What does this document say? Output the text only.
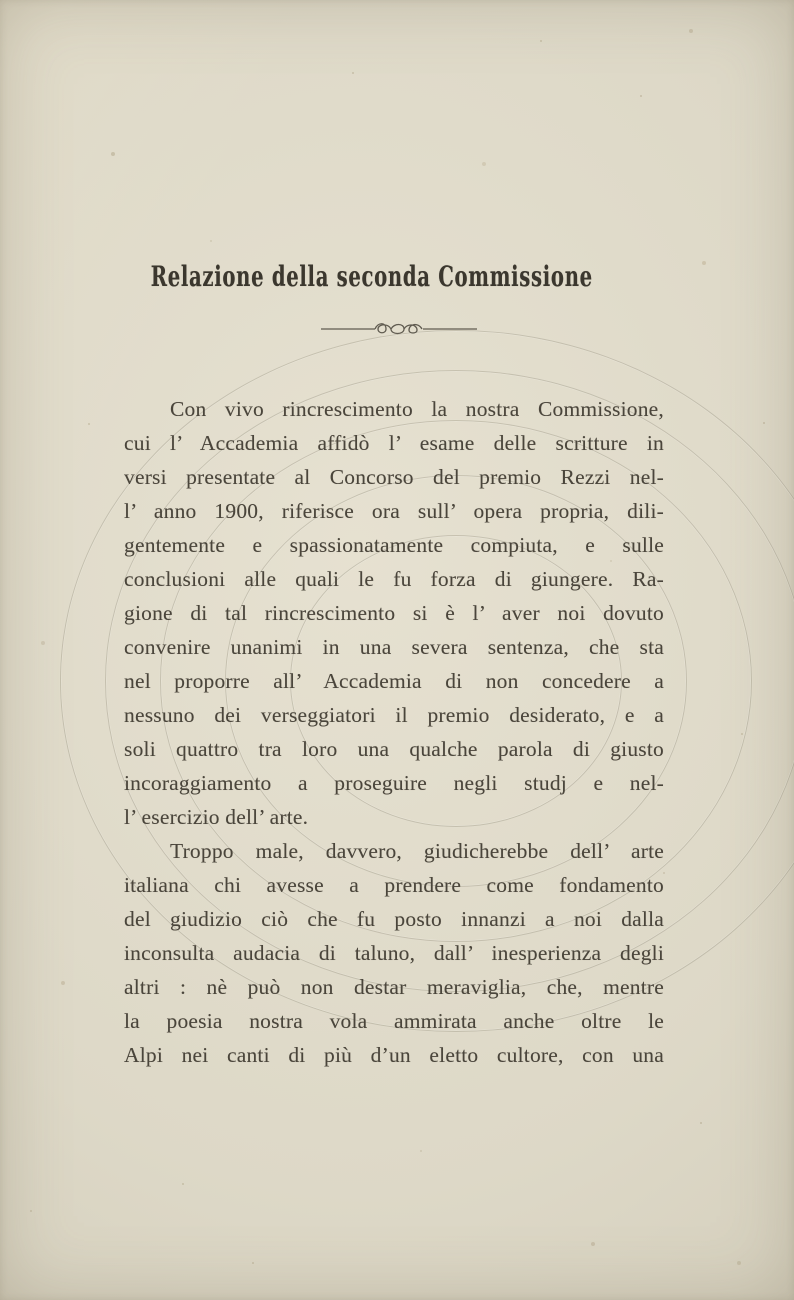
Relazione della seconda Commissione
Con vivo rincrescimento la nostra Commissione,
cui l’ Accademia affidò l’ esame delle scritture in
versi presentate al Concorso del premio Rezzi nel-
l’ anno 1900, riferisce ora sull’ opera propria, dili-
gentemente e spassionatamente compiuta, e sulle
conclusioni alle quali le fu forza di giungere. Ra-
gione di tal rincrescimento si è l’ aver noi dovuto
convenire unanimi in una severa sentenza, che sta
nel proporre all’ Accademia di non concedere a
nessuno dei verseggiatori il premio desiderato, e a
soli quattro tra loro una qualche parola di giusto
incoraggiamento a proseguire negli studj e nel-
l’ esercizio dell’ arte.
Troppo male, davvero, giudicherebbe dell’ arte
italiana chi avesse a prendere come fondamento
del giudizio ciò che fu posto innanzi a noi dalla
inconsulta audacia di taluno, dall’ inesperienza degli
altri : nè può non destar meraviglia, che, mentre
la poesia nostra vola ammirata anche oltre le
Alpi nei canti di più d’un eletto cultore, con una
